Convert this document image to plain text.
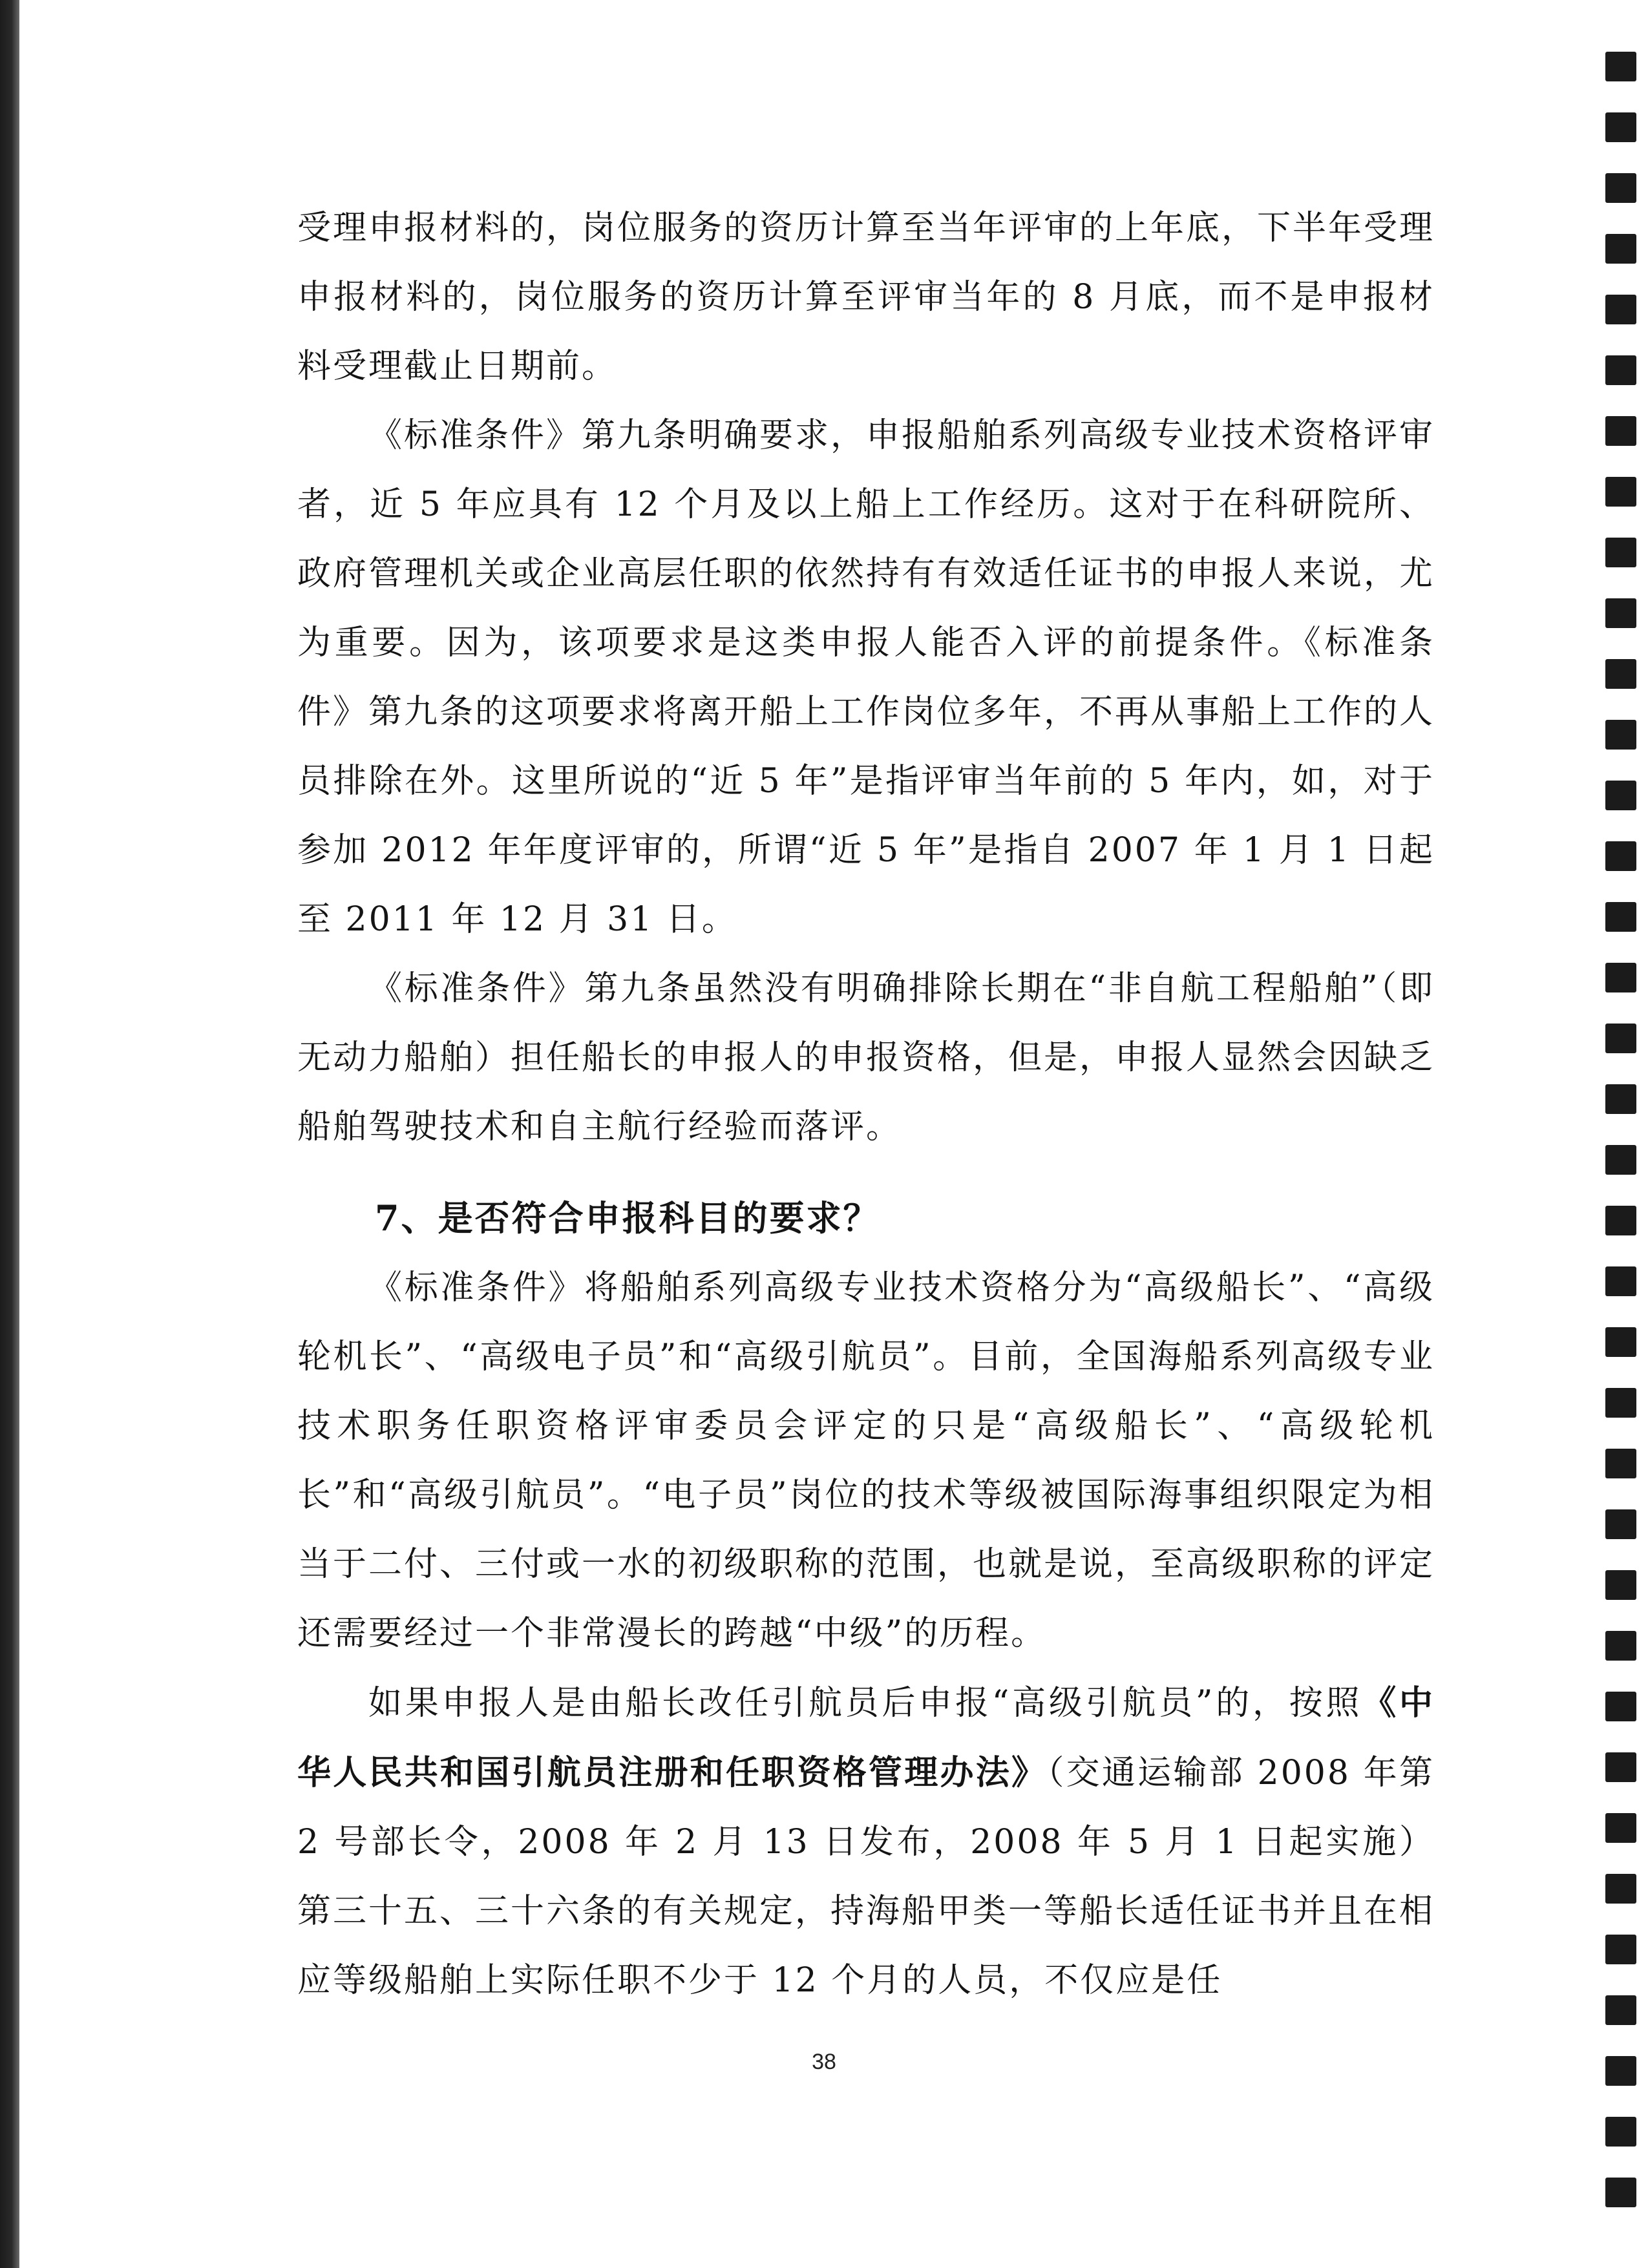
受理申报材料的，岗位服务的资历计算至当年评审的上年底，下半年受理申报材料的，岗位服务的资历计算至评审当年的 8 月底，而不是申报材料受理截止日期前。

《标准条件》第九条明确要求，申报船舶系列高级专业技术资格评审者，近 5 年应具有 12 个月及以上船上工作经历。这对于在科研院所、政府管理机关或企业高层任职的依然持有有效适任证书的申报人来说，尤为重要。因为，该项要求是这类申报人能否入评的前提条件。《标准条件》第九条的这项要求将离开船上工作岗位多年，不再从事船上工作的人员排除在外。这里所说的“近 5 年”是指评审当年前的 5 年内，如，对于参加 2012 年年度评审的，所谓“近 5 年”是指自 2007 年 1 月 1 日起至 2011 年 12 月 31 日。

《标准条件》第九条虽然没有明确排除长期在“非自航工程船舶”（即无动力船舶）担任船长的申报人的申报资格，但是，申报人显然会因缺乏船舶驾驶技术和自主航行经验而落评。

7、是否符合申报科目的要求？

《标准条件》将船舶系列高级专业技术资格分为“高级船长”、“高级轮机长”、“高级电子员”和“高级引航员”。目前，全国海船系列高级专业技术职务任职资格评审委员会评定的只是“高级船长”、“高级轮机长”和“高级引航员”。“电子员”岗位的技术等级被国际海事组织限定为相当于二付、三付或一水的初级职称的范围，也就是说，至高级职称的评定还需要经过一个非常漫长的跨越“中级”的历程。

如果申报人是由船长改任引航员后申报“高级引航员”的，按照《中华人民共和国引航员注册和任职资格管理办法》（交通运输部 2008 年第 2 号部长令，2008 年 2 月 13 日发布，2008 年 5 月 1 日起实施）第三十五、三十六条的有关规定，持海船甲类一等船长适任证书并且在相应等级船舶上实际任职不少于 12 个月的人员，不仅应是任

38
